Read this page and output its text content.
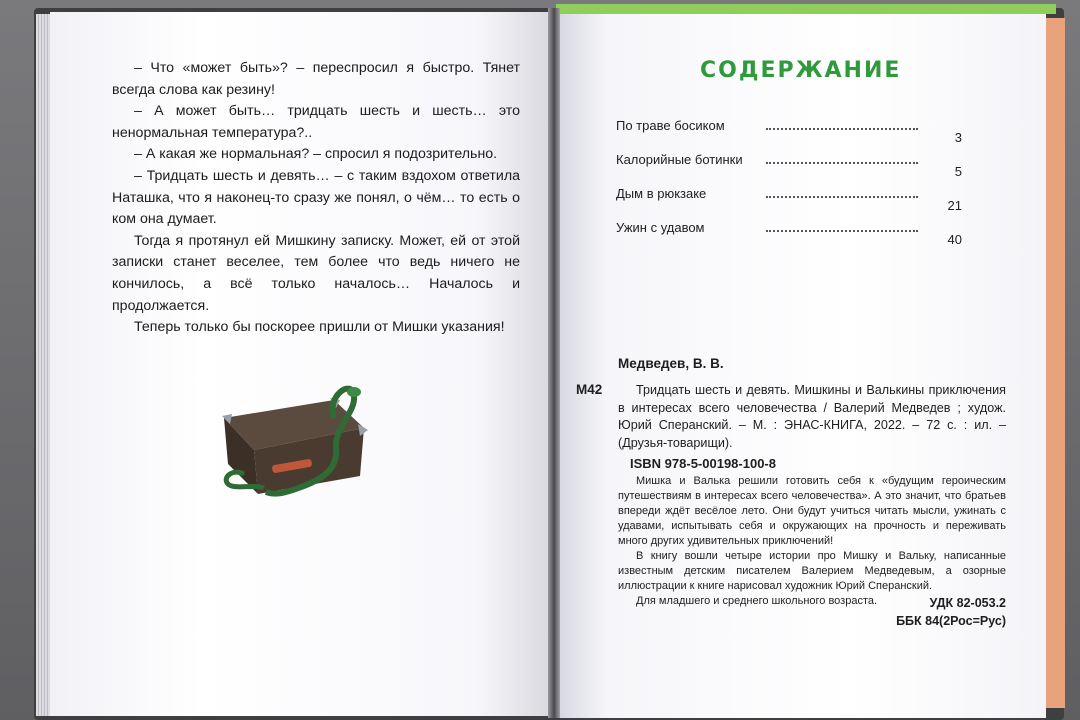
– Что «может быть»? – переспросил я быстро. Тянет всегда слова как резину!

– А может быть… тридцать шесть и шесть… это ненормальная температура?..

– А какая же нормальная? – спросил я подозрительно.

– Тридцать шесть и девять… – с таким вздохом ответила Наташка, что я наконец-то сразу же понял, о чём… то есть о ком она думает.

Тогда я протянул ей Мишкину записку. Может, ей от этой записки станет веселее, тем более что ведь ничего не кончилось, а всё только началось… Началось и продолжается.

Теперь только бы поскорее пришли от Мишки указания!

СОДЕРЖАНИЕ
По траве босиком
3
Калорийные ботинки
5
Дым в рюкзаке
21
Ужин с удавом
40
Медведев, В. В.
М42	Тридцать шесть и девять. Мишкины и Валькины приключения в интересах всего человечества / Валерий Медведев ; худож. Юрий Сперанский. – М. : ЭНАС-КНИГА, 2022. – 72 с. : ил. – (Друзья-товарищи).
ISBN 978-5-00198-100-8

Мишка и Валька решили готовить себя к «будущим героическим путешествиям в интересах всего человечества». А это значит, что братьев впереди ждёт весёлое лето. Они будут учиться читать мысли, ужинать с удавами, испытывать себя и окружающих на прочность и переживать много других удивительных приключений!

В книгу вошли четыре истории про Мишку и Вальку, написанные известным детским писателем Валерием Медведевым, а озорные иллюстрации к книге нарисовал художник Юрий Сперанский.

Для младшего и среднего школьного возраста.	УДК 82-053.2
ББК 84(2Рос=Рус)
